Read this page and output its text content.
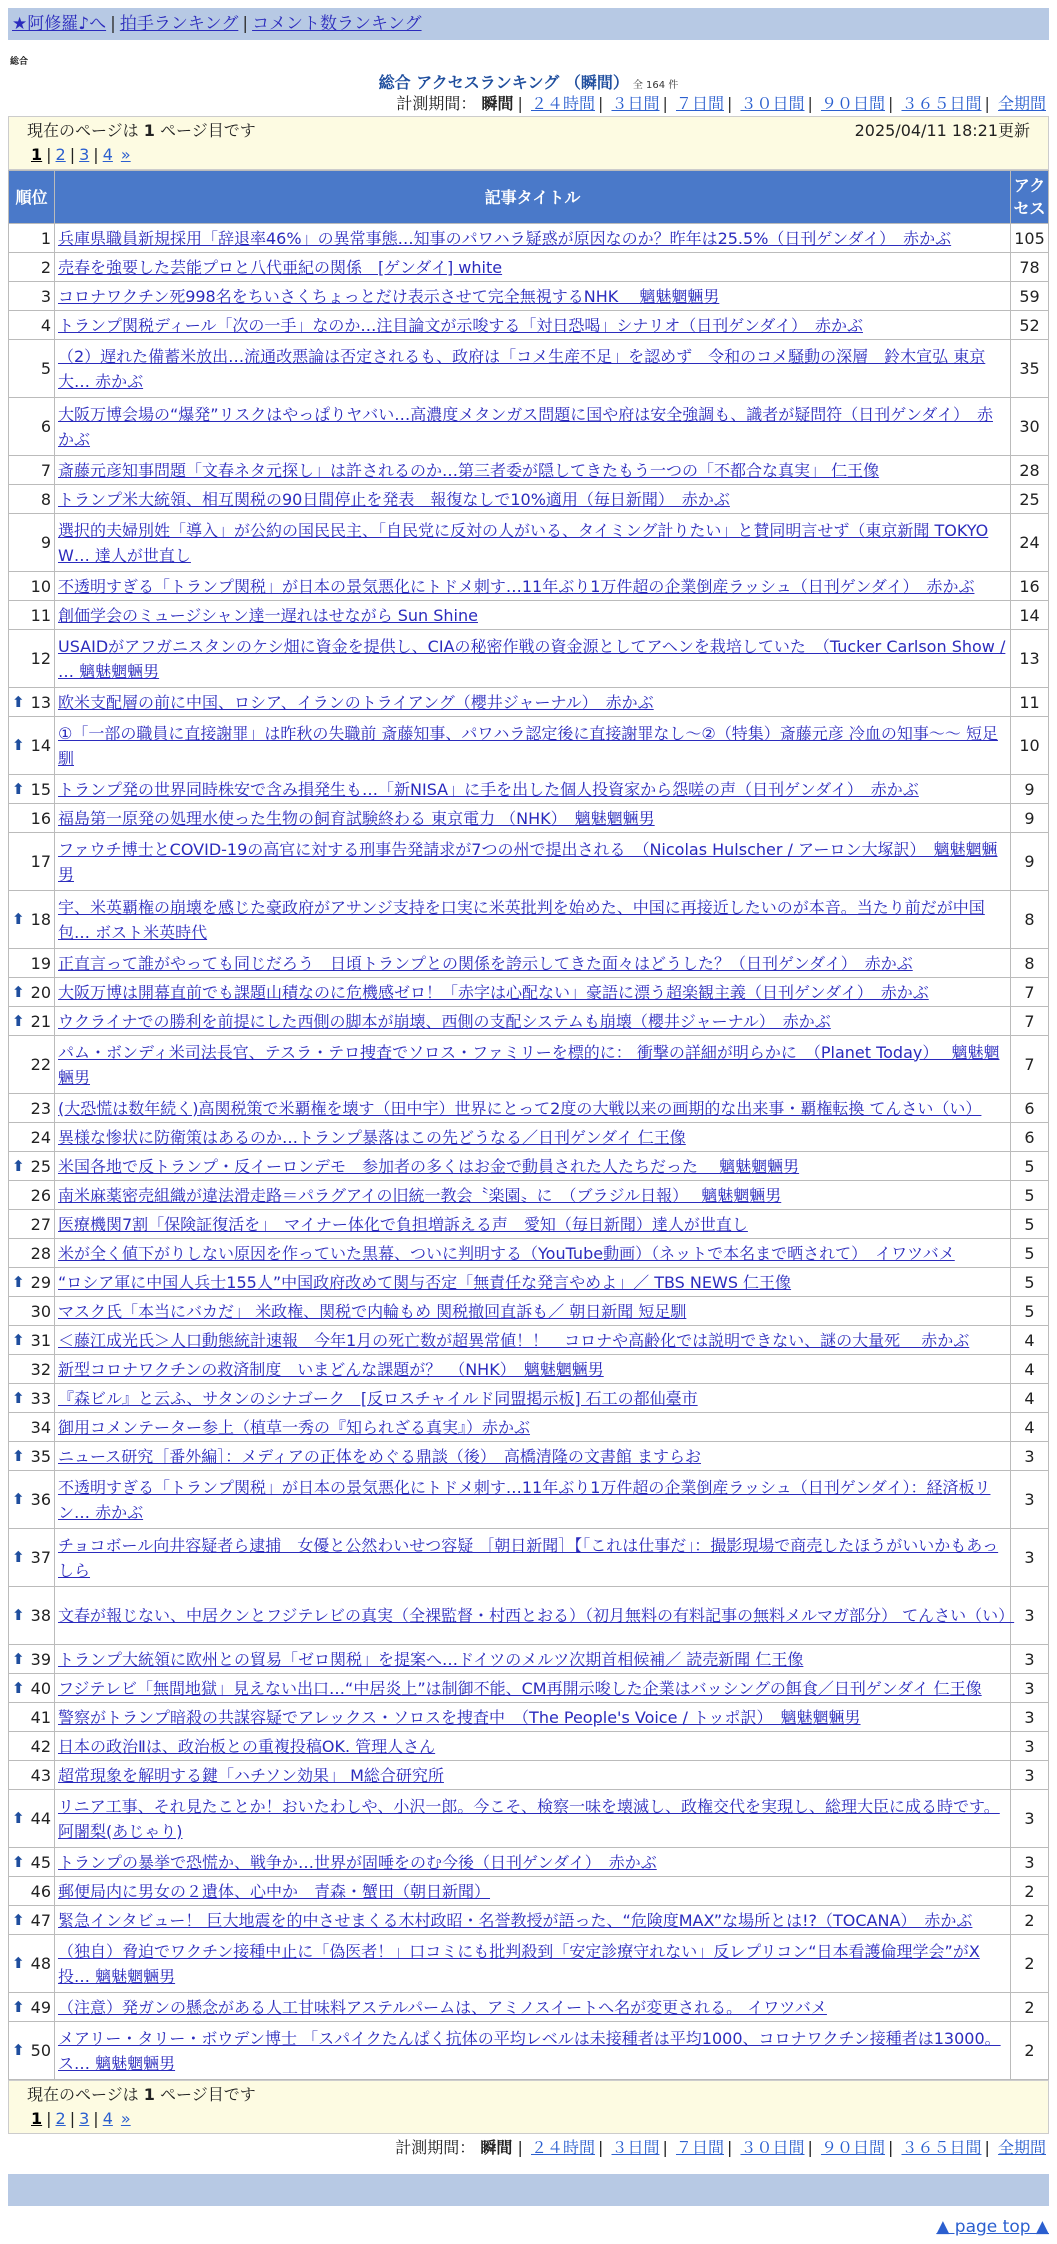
★阿修羅♪へ | 拍手ランキング | コメント数ランキング
総合
総合 アクセスランキング （瞬間） 全 164 件
計測期間： 瞬間 | ２４時間 | ３日間 | ７日間 | ３０日間 | ９０日間 | ３６５日間 | 全期間
現在のページは 1 ページ目です	2025/04/11 18:21更新
1 | 2 | 3 | 4 »
順位	記事タイトル	アクセス
1	兵庫県職員新規採用「辞退率46%」の異常事態…知事のパワハラ疑惑が原因なのか？昨年は25.5%（日刊ゲンダイ）　赤かぶ	105
2	売春を強要した芸能プロと八代亜紀の関係　[ゲンダイ] white	78
3	コロナワクチン死998名をちいさくちょっとだけ表示させて完全無視するNHK　 魑魅魍魎男	59
4	トランプ関税ディール「次の一手」なのか…注目論文が示唆する「対日恐喝」シナリオ（日刊ゲンダイ）　赤かぶ	52
5	（2）遅れた備蓄米放出…流通改悪論は否定されるも、政府は「コメ生産不足」を認めず　令和のコメ騒動の深層　鈴木宣弘 東京大… 赤かぶ	35
6	大阪万博会場の“爆発”リスクはやっぱりヤバい…高濃度メタンガス問題に国や府は安全強調も、識者が疑問符（日刊ゲンダイ）　赤かぶ	30
7	斎藤元彦知事問題「文春ネタ元探し」は許されるのか…第三者委が隠してきたもう一つの「不都合な真実」 仁王像	28
8	トランプ米大統領、相互関税の90日間停止を発表　報復なしで10%適用（毎日新聞）　赤かぶ	25
9	選択的夫婦別姓「導入」が公約の国民民主、「自民党に反対の人がいる、タイミング計りたい」と賛同明言せず（東京新聞 TOKYO W… 達人が世直し	24
10	不透明すぎる「トランプ関税」が日本の景気悪化にトドメ刺す…11年ぶり1万件超の企業倒産ラッシュ（日刊ゲンダイ）　赤かぶ	16
11	創価学会のミュージシャン達一遅れはせながら Sun Shine	14
12	USAIDがアフガニスタンのケシ畑に資金を提供し、CIAの秘密作戦の資金源としてアヘンを栽培していた　（Tucker Carlson Show / … 魑魅魍魎男	13

⬆ 13	欧米支配層の前に中国、ロシア、イランのトライアング（櫻井ジャーナル）　赤かぶ	11

⬆ 14	①「一部の職員に直接謝罪」は昨秋の失職前 斎藤知事、パワハラ認定後に直接謝罪なし～②（特集）斎藤元彦 冷血の知事～～ 短足馴	10

⬆ 15	トランプ発の世界同時株安で含み損発生も…「新NISA」に手を出した個人投資家から怨嗟の声（日刊ゲンダイ）　赤かぶ	9
16	福島第一原発の処理水使った生物の飼育試験終わる 東京電力 （NHK）　魑魅魍魎男	9
17	ファウチ博士とCOVID-19の高官に対する刑事告発請求が7つの州で提出される　（Nicolas Hulscher / アーロン大塚訳）　魑魅魍魎男	9

⬆ 18	宇、米英覇権の崩壊を感じた豪政府がアサンジ支持を口実に米英批判を始めた、中国に再接近したいのが本音。当たり前だが中国包… ボスト米英時代	8
19	正直言って誰がやっても同じだろう　日頃トランプとの関係を誇示してきた面々はどうした？（日刊ゲンダイ）　赤かぶ	8

⬆ 20	大阪万博は開幕直前でも課題山積なのに危機感ゼロ！「赤字は心配ない」豪語に漂う超楽観主義（日刊ゲンダイ）　赤かぶ	7

⬆ 21	ウクライナでの勝利を前提にした西側の脚本が崩壊、西側の支配システムも崩壊（櫻井ジャーナル）　赤かぶ	7
22	パム・ボンディ米司法長官、テスラ・テロ捜査でソロス・ファミリーを標的に： 衝撃の詳細が明らかに　（Planet Today）　 魑魅魍魎男	7
23	(大恐慌は数年続く)高関税策で米覇権を壊す（田中宇）世界にとって2度の大戦以来の画期的な出来事・覇権転換 てんさい（い）	6
24	異様な惨状に防衛策はあるのか…トランプ暴落はこの先どうなる／日刊ゲンダイ 仁王像	6

⬆ 25	米国各地で反トランプ・反イーロンデモ　参加者の多くはお金で動員された人たちだった　 魑魅魍魎男	5
26	南米麻薬密売組織が違法滑走路＝パラグアイの旧統一教会〝楽園〟に　（ブラジル日報）　 魑魅魍魎男	5
27	医療機関7割「保険証復活を」　マイナー体化で負担増訴える声　愛知（毎日新聞）達人が世直し	5
28	米が全く値下がりしない原因を作っていた黒幕、ついに判明する（YouTube動画）（ネットで本名まで晒されて）　イワツバメ	5

⬆ 29	“ロシア軍に中国人兵士155人”中国政府改めて関与否定「無責任な発言やめよ」／ TBS NEWS 仁王像	5
30	マスク氏「本当にバカだ」 米政権、関税で内輪もめ 関税撤回直訴も／ 朝日新聞 短足馴	5

⬆ 31	＜藤江成光氏＞人口動態統計速報　今年1月の死亡数が超異常値！！　コロナや高齢化では説明できない、謎の大量死　 赤かぶ	4
32	新型コロナワクチンの救済制度　いまどんな課題が？　（NHK）　魑魅魍魎男	4

⬆ 33	『森ビル』と云ふ、サタンのシナゴーク　[反ロスチャイルド同盟掲示板] 石工の都仙臺市	4
34	御用コメンテーター参上（植草一秀の『知られざる真実』）赤かぶ	4

⬆ 35	ニュース研究［番外編］：メディアの正体をめぐる鼎談（後）　高橋清隆の文書館 ますらお	3

⬆ 36	不透明すぎる「トランプ関税」が日本の景気悪化にトドメ刺す…11年ぶり1万件超の企業倒産ラッシュ（日刊ゲンダイ）：経済板リン… 赤かぶ	3

⬆ 37	チョコボール向井容疑者ら逮捕　女優と公然わいせつ容疑 ［朝日新聞］【「これは仕事だ」：撮影現場で商売したほうがいいかもあっしら	3

⬆ 38	文春が報じない、中居クンとフジテレビの真実（全裸監督・村西とおる）（初月無料の有料記事の無料メルマガ部分） てんさい（い）	3

⬆ 39	トランプ大統領に欧州との貿易「ゼロ関税」を提案へ…ドイツのメルツ次期首相候補／ 読売新聞 仁王像	3

⬆ 40	フジテレビ「無間地獄」見えない出口…“中居炎上”は制御不能、CM再開示唆した企業はバッシングの餌食／日刊ゲンダイ 仁王像	3
41	警察がトランプ暗殺の共謀容疑でアレックス・ソロスを捜査中　（The People's Voice / トッポ訳）　魑魅魍魎男	3
42	日本の政治Ⅱは、政治板との重複投稿OK. 管理人さん	3
43	超常現象を解明する鍵「ハチソン効果」 M総合研究所	3

⬆ 44	リニア工事、それ見たことか！おいたわしや、小沢一郎。今こそ、検察一味を壊滅し、政権交代を実現し、総理大臣に成る時です。阿闍梨(あじゃり)	3

⬆ 45	トランプの暴挙で恐慌か、戦争か…世界が固唾をのむ今後（日刊ゲンダイ）　赤かぶ	3
46	郵便局内に男女の２遺体、心中か　青森・蟹田（朝日新聞）	2

⬆ 47	緊急インタビュー！ 巨大地震を的中させまくる木村政昭・名誉教授が語った、“危険度MAX”な場所とは!?（TOCANA）　赤かぶ	2

⬆ 48	（独自）脅迫でワクチン接種中止に「偽医者！」口コミにも批判殺到「安定診療守れない」反レプリコン“日本看護倫理学会”がX投… 魑魅魍魎男	2

⬆ 49	（注意）発ガンの懸念がある人工甘味料アステルパームは、アミノスイートへ名が変更される。 イワツバメ	2

⬆ 50	メアリー・タリー・ボウデン博士 「スパイクたんぱく抗体の平均レベルは未接種者は平均1000、コロナワクチン接種者は13000。ス… 魑魅魍魎男	2
現在のページは 1 ページ目です
1 | 2 | 3 | 4 »
計測期間： 瞬間 | ２４時間 | ３日間 | ７日間 | ３０日間 | ９０日間 | ３６５日間 | 全期間
▲ page top ▲
